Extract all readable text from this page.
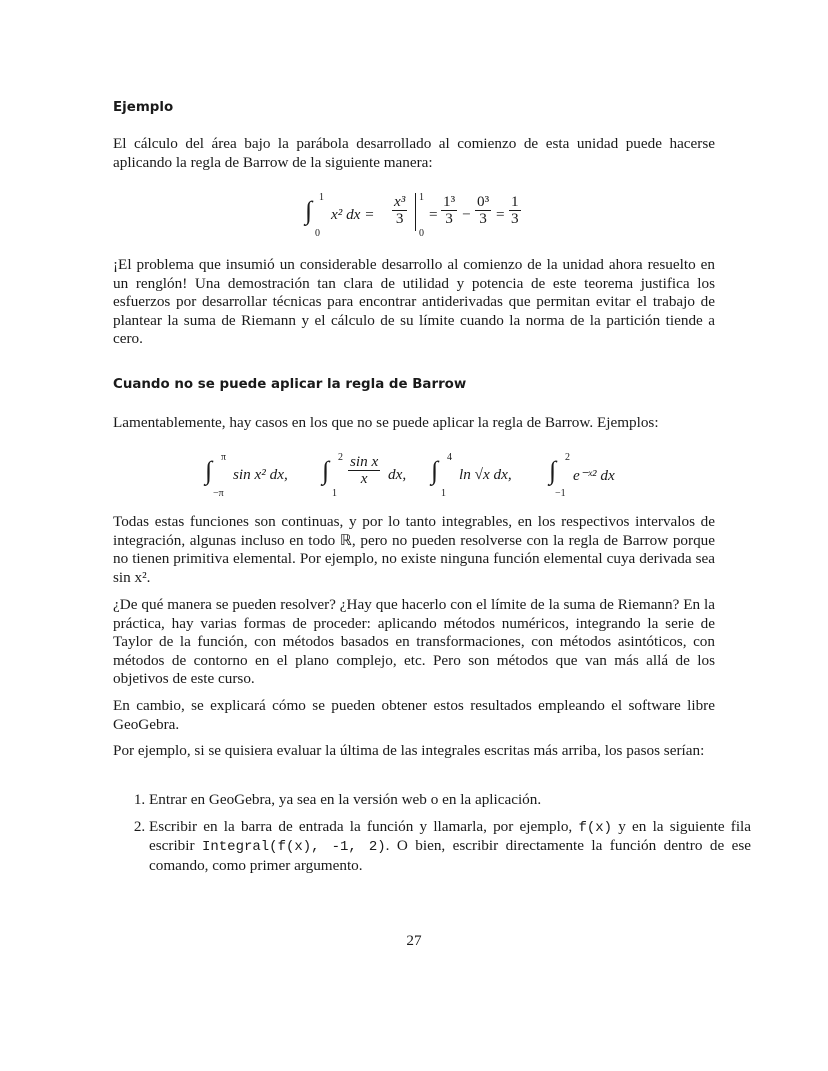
Ejemplo

El cálculo del área bajo la parábola desarrollado al comienzo de esta unidad puede hacerse aplicando la regla de Barrow de la siguiente manera:

∫ 1
0
x² dx = $\frac{\text{x³}}{3} 1$
0
= $\frac{\text{1³}}{3} - \frac{\text{0³}}{3} = \frac{1}{3}$

¡El problema que insumió un considerable desarrollo al comienzo de la unidad ahora resuelto en un renglón! Una demostración tan clara de utilidad y potencia de este teorema justifica los esfuerzos por desarrollar técnicas para encontrar antiderivadas que permitan evitar el trabajo de plantear la suma de Riemann y el cálculo de su límite cuando la norma de la partición tiende a cero.

Cuando no se puede aplicar la regla de Barrow

Lamentablemente, hay casos en los que no se puede aplicar la regla de Barrow. Ejemplos:

∫ π
−π
sin x² dx, ∫ 2
1
$\frac{\text{sin x}}{x}$ dx, ∫ 4
1
ln √x dx, ∫ 2
−1
e⁻ˣ² dx

Todas estas funciones son continuas, y por lo tanto integrables, en los respectivos intervalos de integración, algunas incluso en todo ℝ, pero no pueden resolverse con la regla de Barrow porque no tienen primitiva elemental. Por ejemplo, no existe ninguna función elemental cuya derivada sea sin x².

¿De qué manera se pueden resolver? ¿Hay que hacerlo con el límite de la suma de Riemann? En la práctica, hay varias formas de proceder: aplicando métodos numéricos, integrando la serie de Taylor de la función, con métodos basados en transformaciones, con métodos asintóticos, con métodos de contorno en el plano complejo, etc. Pero son métodos que van más allá de los objetivos de este curso.

En cambio, se explicará cómo se pueden obtener estos resultados empleando el software libre GeoGebra.

Por ejemplo, si se quisiera evaluar la última de las integrales escritas más arriba, los pasos serían:

1. Entrar en GeoGebra, ya sea en la versión web o en la aplicación.
2. Escribir en la barra de entrada la función y llamarla, por ejemplo, f(x) y en la siguiente fila escribir Integral(f(x), -1, 2). O bien, escribir directamente la función dentro de ese comando, como primer argumento.
27
